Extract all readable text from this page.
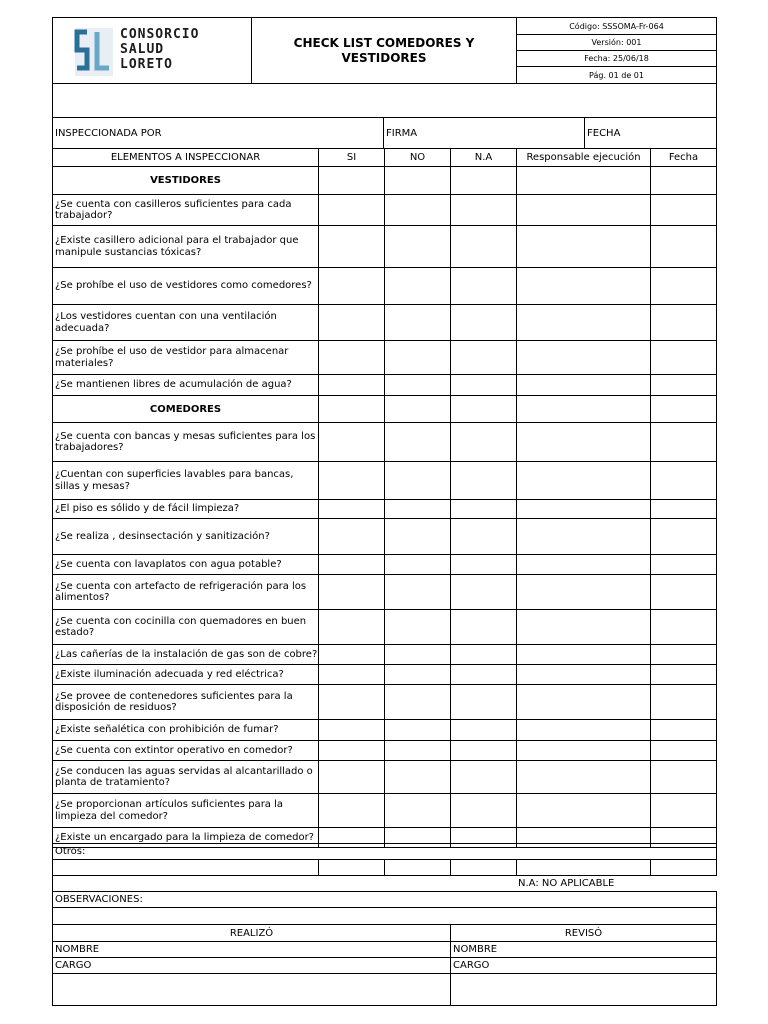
CONSORCIO
SALUD
LORETO
CHECK LIST COMEDORES Y VESTIDORES
Código: SSSOMA-Fr-064
Versión: 001
Fecha: 25/06/18
Pág. 01 de 01
INSPECCIONADA POR	FIRMA	FECHA
ELEMENTOS A INSPECCIONAR	SI	NO	N.A	Responsable ejecución	Fecha
VESTIDORES
¿Se cuenta con casilleros suficientes para cada trabajador?
¿Existe casillero adicional para el trabajador que manipule sustancias tóxicas?
¿Se prohíbe el uso de vestidores como comedores?
¿Los vestidores cuentan con una ventilación adecuada?
¿Se prohíbe el uso de vestidor para almacenar materiales?
¿Se mantienen libres de acumulación de agua?
COMEDORES
¿Se cuenta con bancas y mesas suficientes para los trabajadores?
¿Cuentan con superficies lavables para bancas, sillas y mesas?
¿El piso es sólido y de fácil limpieza?
¿Se realiza , desinsectación y sanitización?
¿Se cuenta con lavaplatos con agua potable?
¿Se cuenta con artefacto de refrigeración para los alimentos?
¿Se cuenta con cocinilla con quemadores en buen estado?
¿Las cañerías de la instalación de gas son de cobre?
¿Existe iluminación adecuada y red eléctrica?
¿Se provee de contenedores suficientes para la disposición de residuos?
¿Existe señalética con prohibición de fumar?
¿Se cuenta con extintor operativo en comedor?
¿Se conducen las aguas servidas al alcantarillado o planta de tratamiento?
¿Se proporcionan artículos suficientes para la limpieza del comedor?
¿Existe un encargado para la limpieza de comedor?
Otros:
N.A: NO APLICABLE
OBSERVACIONES:
REALIZÓ	REVISÓ
NOMBRE	NOMBRE
CARGO	CARGO
